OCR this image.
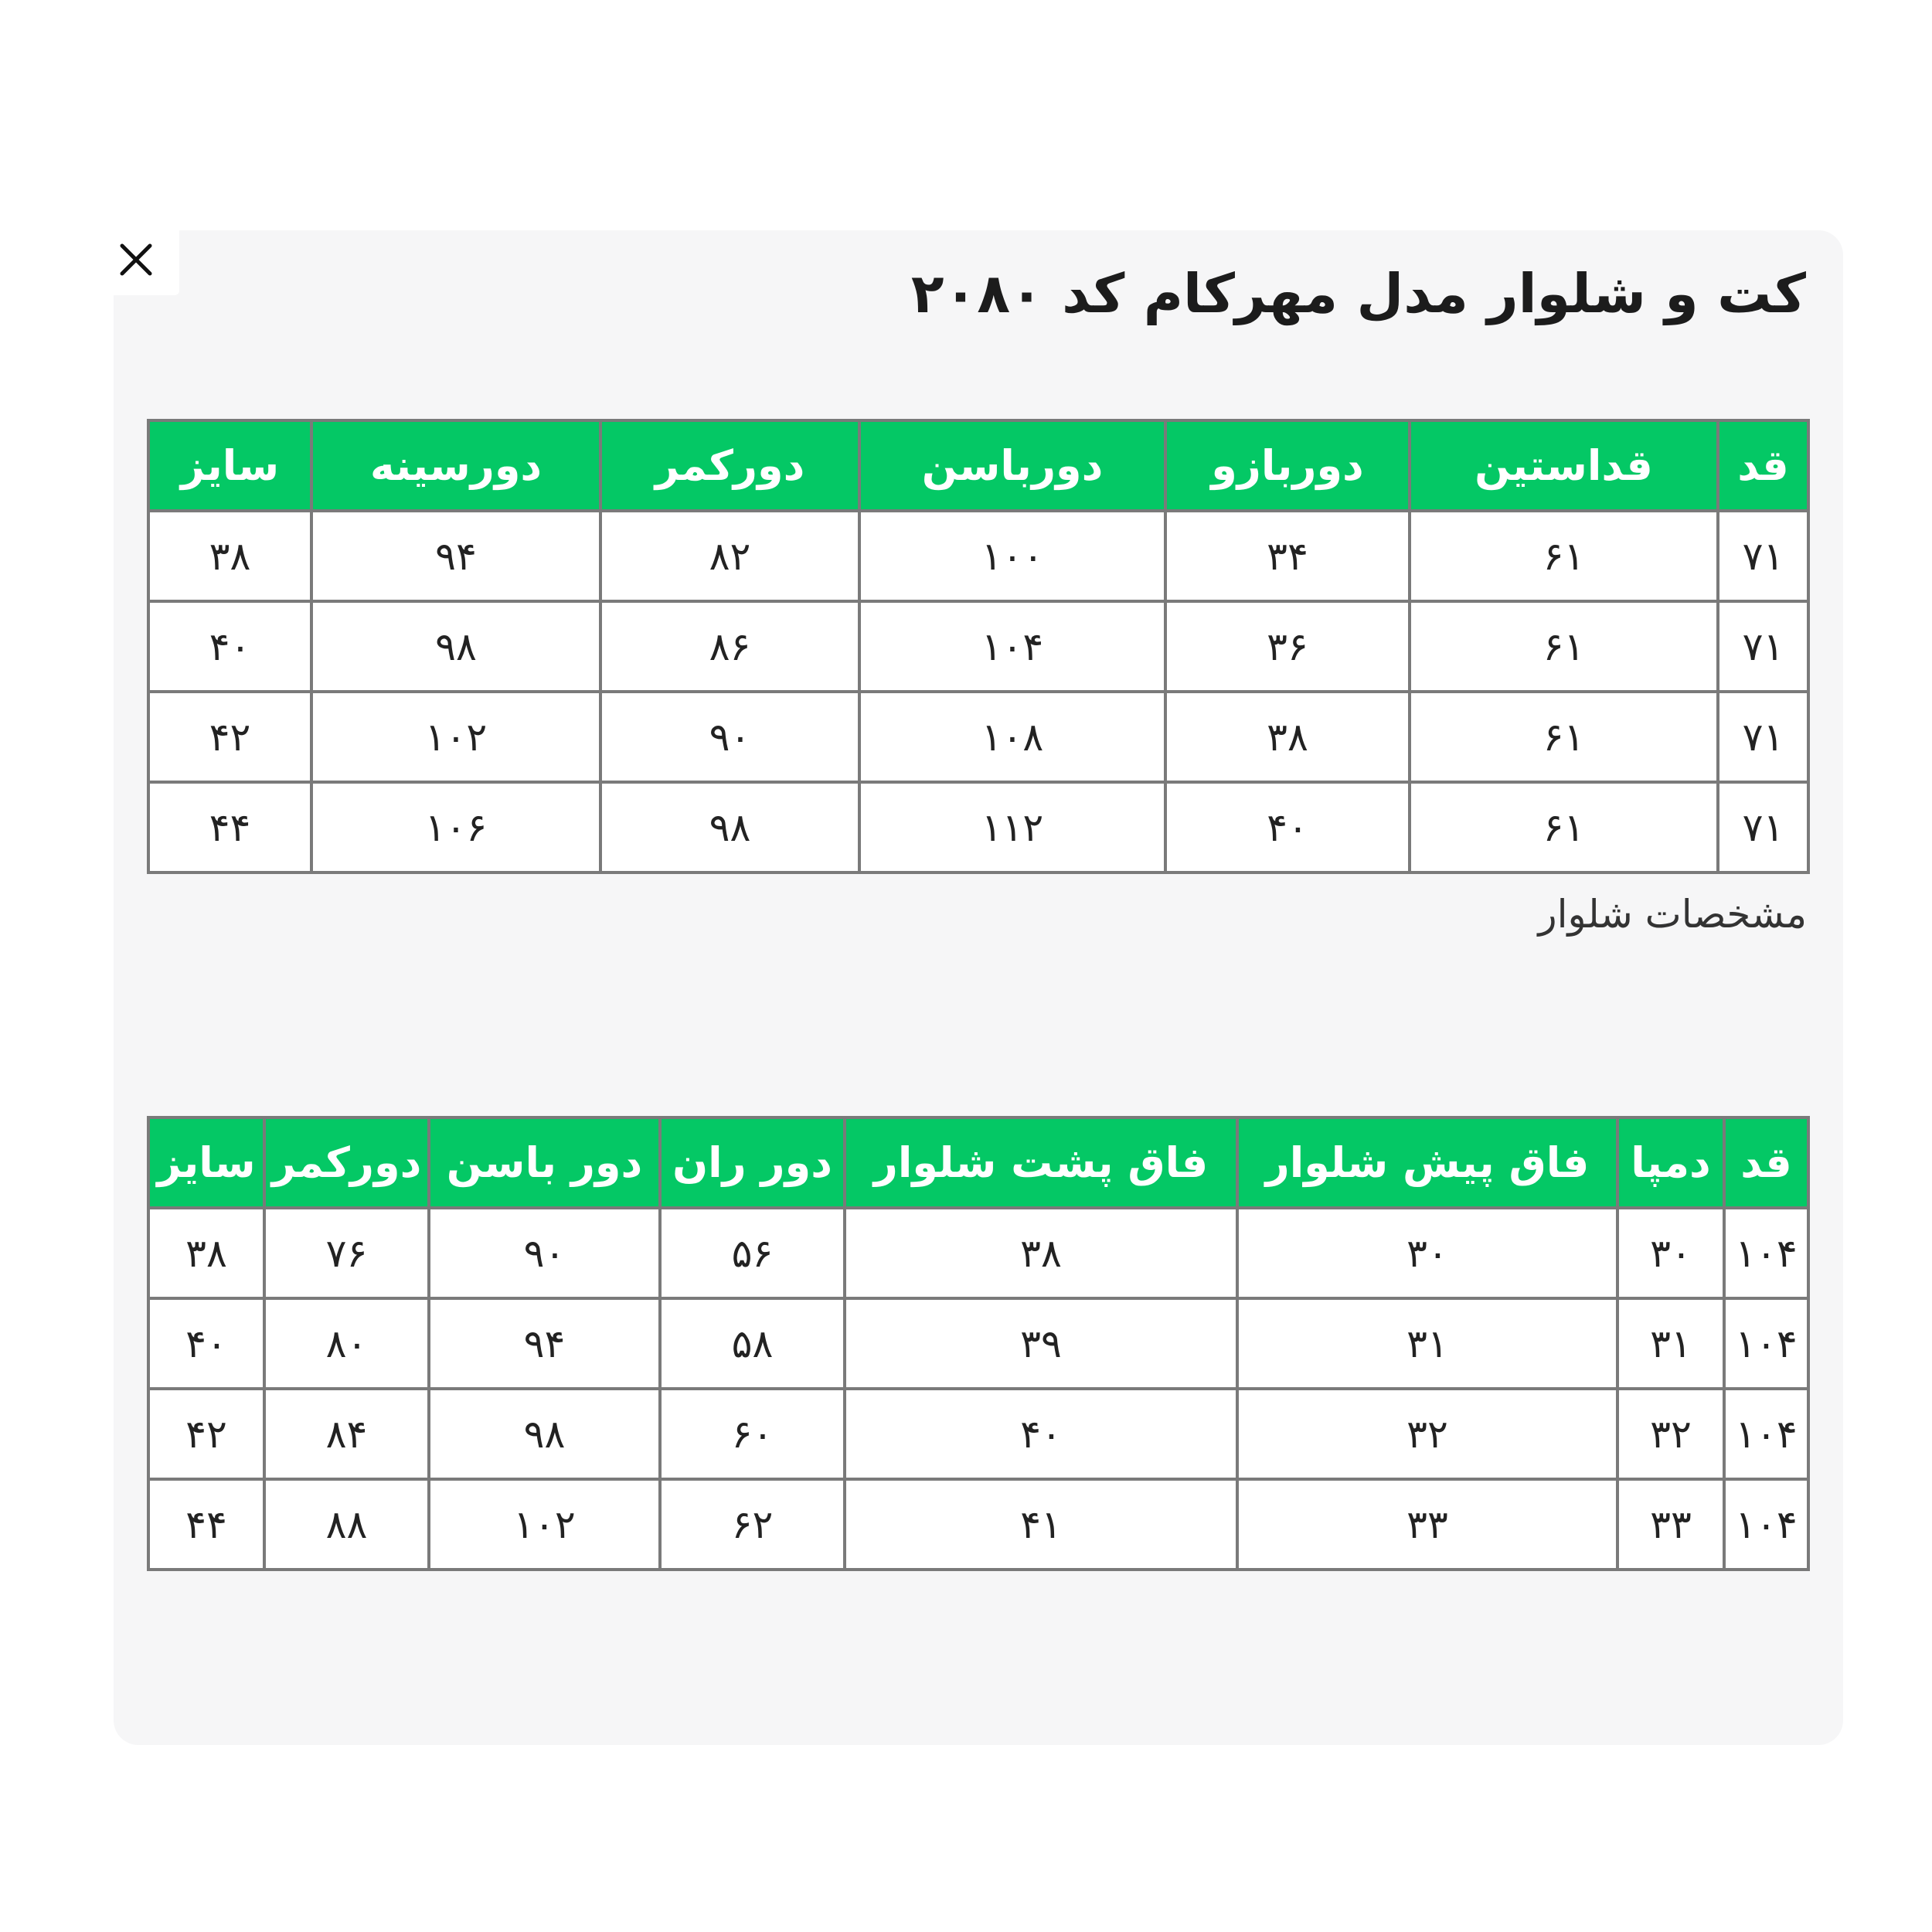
کت و شلوار مدل مهرکام کد ۲۰۸۰
قد	قداستین	دوربازو	دورباسن	دورکمر	دورسینه	سایز
۷۱	۶۱	۳۴	۱۰۰	۸۲	۹۴	۳۸
۷۱	۶۱	۳۶	۱۰۴	۸۶	۹۸	۴۰
۷۱	۶۱	۳۸	۱۰۸	۹۰	۱۰۲	۴۲
۷۱	۶۱	۴۰	۱۱۲	۹۸	۱۰۶	۴۴
مشخصات شلوار
قد	دمپا	فاق پیش شلوار	فاق پشت شلوار	دور ران	دور باسن	دورکمر	سایز
۱۰۴	۳۰	۳۰	۳۸	۵۶	۹۰	۷۶	۳۸
۱۰۴	۳۱	۳۱	۳۹	۵۸	۹۴	۸۰	۴۰
۱۰۴	۳۲	۳۲	۴۰	۶۰	۹۸	۸۴	۴۲
۱۰۴	۳۳	۳۳	۴۱	۶۲	۱۰۲	۸۸	۴۴
